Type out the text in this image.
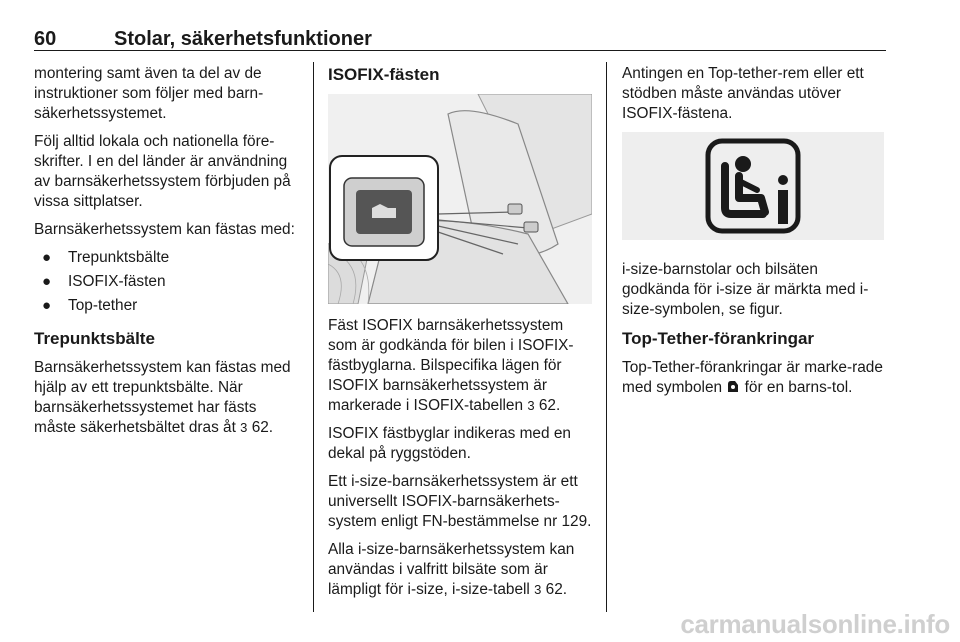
60	Stolar, säkerhetsfunktioner

montering samt även ta del av de instruktioner som följer med barn-säkerhetssystemet.

Följ alltid lokala och nationella före-skrifter. I en del länder är användning av barnsäkerhetssystem förbjuden på vissa sittplatser.

Barnsäkerhetssystem kan fästas med:

● Trepunktsbälte
● ISOFIX-fästen
● Top-tether
Trepunktsbälte

Barnsäkerhetssystem kan fästas med hjälp av ett trepunktsbälte. När barnsäkerhetssystemet har fästs måste säkerhetsbältet dras åt 3 62.

ISOFIX-fästen

Fäst ISOFIX barnsäkerhetssystem som är godkända för bilen i ISOFIX-fästbyglarna. Bilspecifika lägen för ISOFIX barnsäkerhetssystem är markerade i ISOFIX-tabellen 3 62.

ISOFIX fästbyglar indikeras med en dekal på ryggstöden.

Ett i-size-barnsäkerhetssystem är ett universellt ISOFIX-barnsäkerhets-system enligt FN-bestämmelse nr 129.

Alla i-size-barnsäkerhetssystem kan användas i valfritt bilsäte som är lämpligt för i-size, i-size-tabell 3 62.

Antingen en Top-tether-rem eller ett stödben måste användas utöver ISOFIX-fästena.

i-size-barnstolar och bilsäten godkända för i-size är märkta med i-size-symbolen, se figur.

Top-Tether-förankringar

Top-Tether-förankringar är marke-rade med symbolen för en barns-tol.

carmanualsonline.info
